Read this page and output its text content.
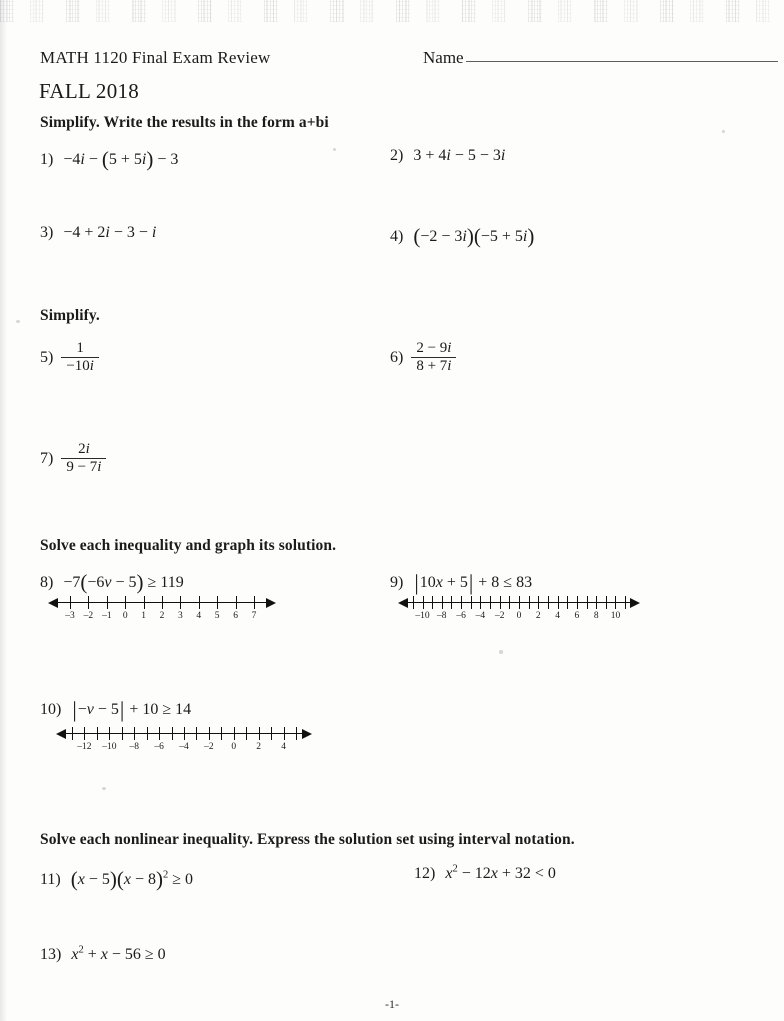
MATH 1120 Final Exam Review
FALL 2018
Name
Simplify. Write the results in the form a+bi
1) −4i − (5 + 5i) − 3	2) 3 + 4i − 5 − 3i
3) −4 + 2i − 3 − i	4) (−2 − 3i)(−5 + 5i)
Simplify.
$5) \frac{1}{-10i}$	$6) \frac{2 - 9i}{8 + 7i}$
$7) \frac{2i}{9 - 7i}$
Solve each inequality and graph its solution.
8) −7(−6v − 5) ≥ 119	9) |10x + 5| + 8 ≤ 83
–3 –2 –1 0 1 2 3 4 5 6 7	–10 –8 –6 –4 –2 0 2 4 6 8 10
10) |−v − 5| + 10 ≥ 14
–12 –10 –8 –6 –4 –2 0 2 4
Solve each nonlinear inequality. Express the solution set using interval notation.
11) $(x - 5)(x - 8)^2 \ge 0$	12) $x^2 - 12x + 32 < 0$
13) $x^2 + x - 56 \ge 0$
-1-
